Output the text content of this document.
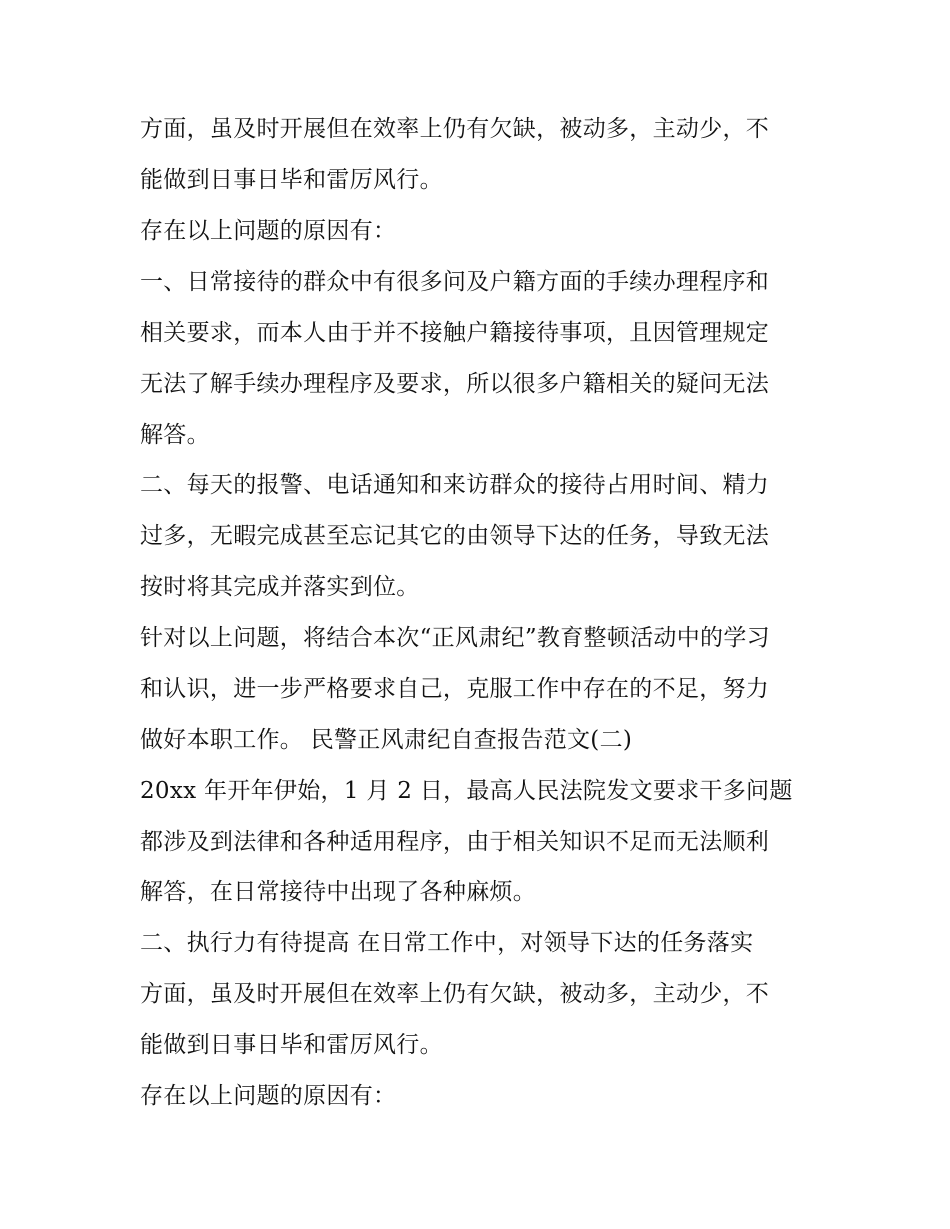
方面，虽及时开展但在效率上仍有欠缺，被动多，主动少，不

能做到日事日毕和雷厉风行。

存在以上问题的原因有：

一、日常接待的群众中有很多问及户籍方面的手续办理程序和

相关要求，而本人由于并不接触户籍接待事项，且因管理规定

无法了解手续办理程序及要求，所以很多户籍相关的疑问无法

解答。

二、每天的报警、电话通知和来访群众的接待占用时间、精力

过多，无暇完成甚至忘记其它的由领导下达的任务，导致无法

按时将其完成并落实到位。

针对以上问题，将结合本次“正风肃纪”教育整顿活动中的学习

和认识，进一步严格要求自己，克服工作中存在的不足，努力

做好本职工作。 民警正风肃纪自查报告范文(二)

20xx 年开年伊始，1 月 2 日，最高人民法院发文要求干多问题

都涉及到法律和各种适用程序，由于相关知识不足而无法顺利

解答，在日常接待中出现了各种麻烦。

二、执行力有待提高 在日常工作中，对领导下达的任务落实

方面，虽及时开展但在效率上仍有欠缺，被动多，主动少，不

能做到日事日毕和雷厉风行。

存在以上问题的原因有：
